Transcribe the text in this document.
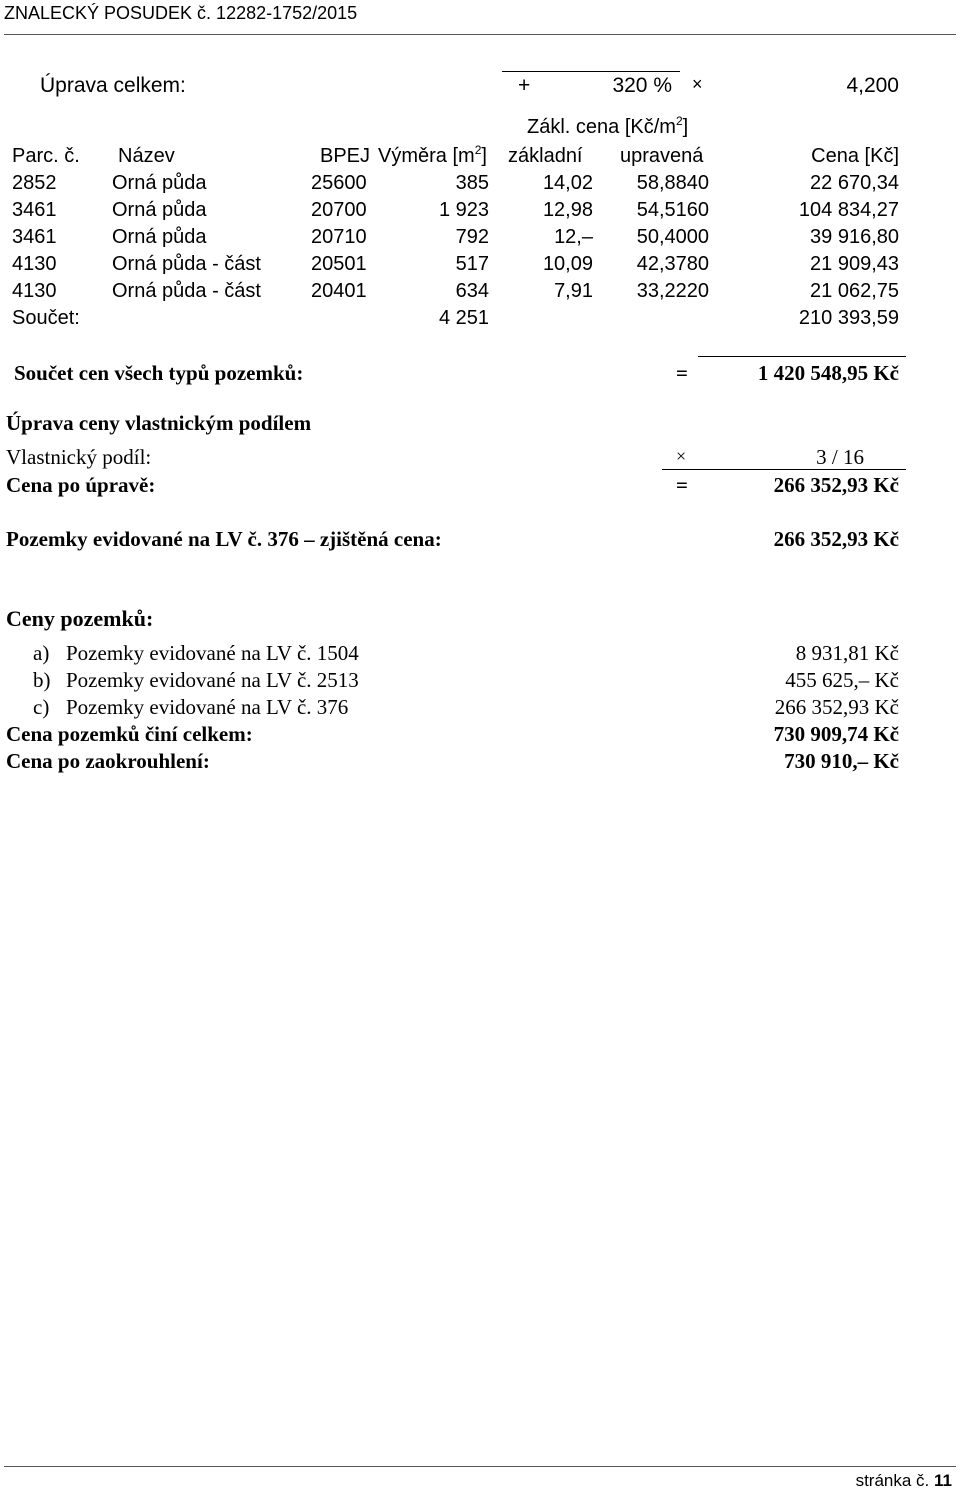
ZNALECKÝ POSUDEK č. 12282-1752/2015
Úprava celkem:	+	320 % ×	4,200
Zákl. cena $[Kč/m^2]$
Parc. č. Název	BPEJ Výměra $[m^2]$ základní upravená	Cena [Kč]
2852	Orná půda	25600	385	14,02 58,8840	22 670,34
3461	Orná půda	20700	1 923	12,98 54,5160	104 834,27
3461	Orná půda	20710	792	12,– 50,4000	39 916,80
4130	Orná půda - část	20501	517	10,09 42,3780	21 909,43
4130	Orná půda - část	20401	634	7,91 33,2220	21 062,75
Součet:	4 251	210 393,59
Součet cen všech typů pozemků:	=	1 420 548,95 Kč
Úprava ceny vlastnickým podílem
Vlastnický podíl:	×	3 / 16
Cena po úpravě:	=	266 352,93 Kč
Pozemky evidované na LV č. 376 – zjištěná cena:	266 352,93 Kč
Ceny pozemků:
a) Pozemky evidované na LV č. 1504	8 931,81 Kč
b) Pozemky evidované na LV č. 2513	455 625,– Kč
c) Pozemky evidované na LV č. 376	266 352,93 Kč
Cena pozemků činí celkem:	730 909,74 Kč
Cena po zaokrouhlení:	730 910,– Kč
stránka č. 11
